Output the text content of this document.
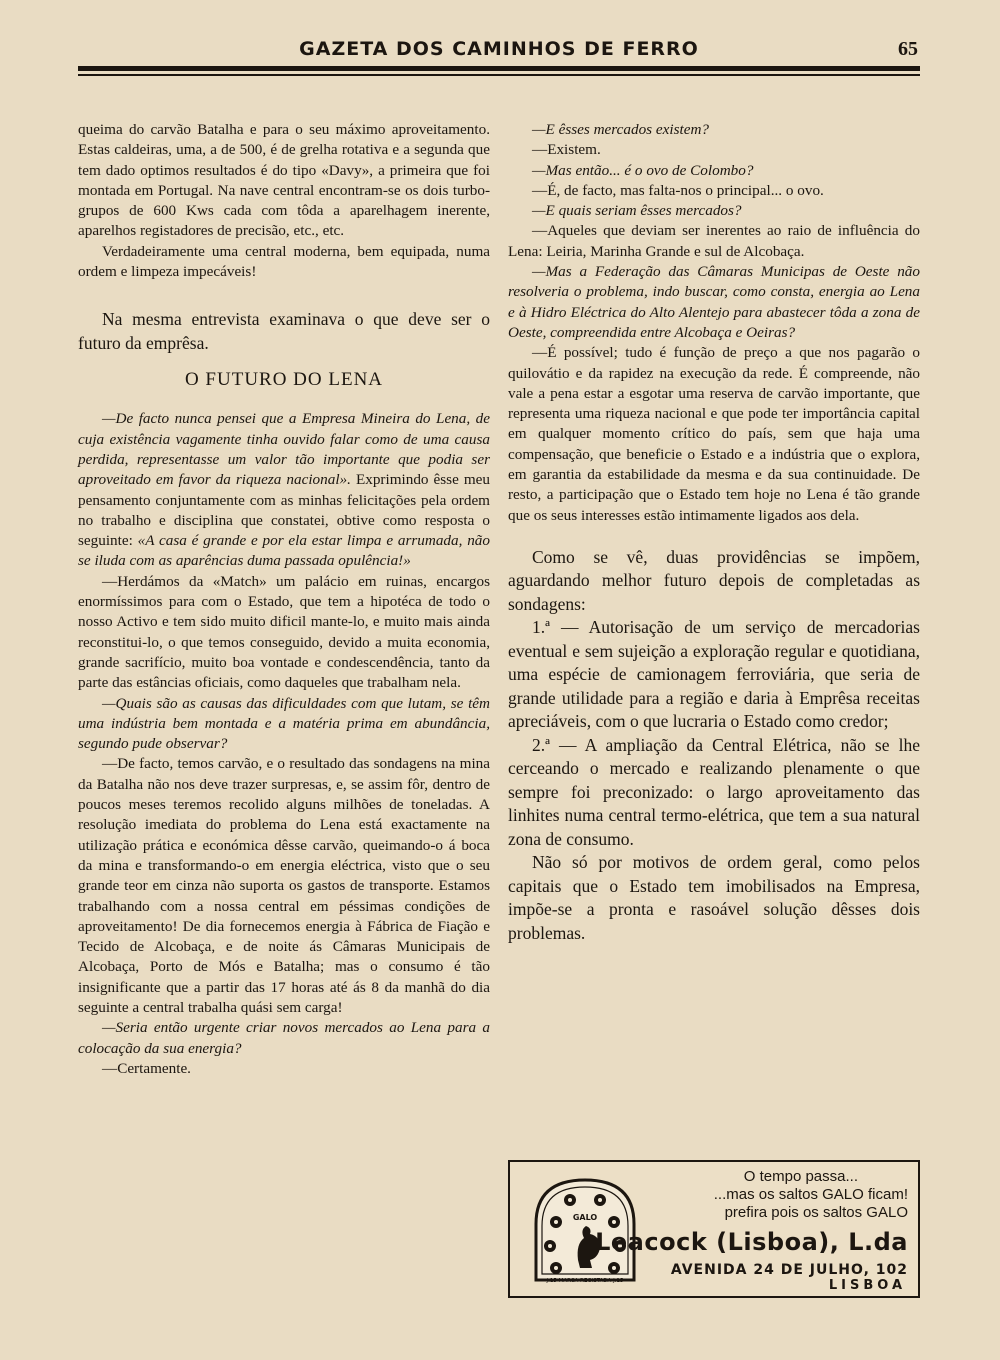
GAZETA DOS CAMINHOS DE FERRO	65

queima do carvão Batalha e para o seu máximo aproveitamento. Estas caldeiras, uma, a de 500, é de grelha rotativa e a segunda que tem dado optimos resultados é do tipo «Davy», a primeira que foi montada em Portugal. Na nave central encontram-se os dois turbo-grupos de 600 Kws cada com tôda a aparelhagem inerente, aparelhos registadores de precisão, etc., etc.

Verdadeiramente uma central moderna, bem equipada, numa ordem e limpeza impecáveis!

Na mesma entrevista examinava o que deve ser o futuro da emprêsa.

O FUTURO DO LENA

—De facto nunca pensei que a Empresa Mineira do Lena, de cuja existência vagamente tinha ouvido falar como de uma causa perdida, representasse um valor tão importante que podia ser aproveitado em favor da riqueza nacional». Exprimindo êsse meu pensamento conjuntamente com as minhas felicitações pela ordem no trabalho e disciplina que constatei, obtive como resposta o seguinte: «A casa é grande e por ela estar limpa e arrumada, não se iluda com as aparências duma passada opulência!»

—Herdámos da «Match» um palácio em ruinas, encargos enormíssimos para com o Estado, que tem a hipotéca de todo o nosso Activo e tem sido muito dificil mante-lo, e muito mais ainda reconstitui-lo, o que temos conseguido, devido a muita economia, grande sacrifício, muito boa vontade e condescendência, tanto da parte das estâncias oficiais, como daqueles que trabalham nela.

—Quais são as causas das dificuldades com que lutam, se têm uma indústria bem montada e a matéria prima em abundância, segundo pude observar?

—De facto, temos carvão, e o resultado das sondagens na mina da Batalha não nos deve trazer surpresas, e, se assim fôr, dentro de poucos meses teremos recolido alguns milhões de toneladas. A resolução imediata do problema do Lena está exactamente na utilização prática e económica dêsse carvão, queimando-o á boca da mina e transformando-o em energia eléctrica, visto que o seu grande teor em cinza não suporta os gastos de transporte. Estamos trabalhando com a nossa central em péssimas condições de aproveitamento! De dia fornecemos energia à Fábrica de Fiação e Tecido de Alcobaça, e de noite ás Câmaras Municipais de Alcobaça, Porto de Mós e Batalha; mas o consumo é tão insignificante que a partir das 17 horas até ás 8 da manhã do dia seguinte a central trabalha quási sem carga!

—Seria então urgente criar novos mercados ao Lena para a colocação da sua energia?

—Certamente.

—E êsses mercados existem?

—Existem.

—Mas então... é o ovo de Colombo?

—É, de facto, mas falta-nos o principal... o ovo.

—E quais seriam êsses mercados?

—Aqueles que deviam ser inerentes ao raio de influência do Lena: Leiria, Marinha Grande e sul de Alcobaça.

—Mas a Federação das Câmaras Municipas de Oeste não resolveria o problema, indo buscar, como consta, energia ao Lena e à Hidro Eléctrica do Alto Alentejo para abastecer tôda a zona de Oeste, compreendida entre Alcobaça e Oeiras?

—É possível; tudo é função de preço a que nos pagarão o quilovátio e da rapidez na execução da rede. É compreende, não vale a pena estar a esgotar uma reserva de carvão importante, que representa uma riqueza nacional e que pode ter importância capital em qualquer momento crítico do país, sem que haja uma compensação, que beneficie o Estado e a indústria que o explora, em garantia da estabilidade da mesma e da sua continuidade. De resto, a participação que o Estado tem hoje no Lena é tão grande que os seus interesses estão intimamente ligados aos dela.

Como se vê, duas providências se impõem, aguardando melhor futuro depois de completadas as sondagens:

1.ª — Autorisação de um serviço de mercadorias eventual e sem sujeição a exploração regular e quotidiana, uma espécie de camionagem ferroviária, que seria de grande utilidade para a região e daria à Emprêsa receitas apreciáveis, com o que lucraria o Estado como credor;

2.ª — A ampliação da Central Elétrica, não se lhe cerceando o mercado e realizando plenamente o que sempre foi preconizado: o largo aproveitamento das linhites numa central termo-elétrica, que tem a sua natural zona de consumo.

Não só por motivos de ordem geral, como pelos capitais que o Estado tem imobilisados na Empresa, impõe-se a pronta e rasoável solução dêsses dois problemas.

GALO
J.15 MARCA REGISTADA J.15
O tempo passa...
...mas os saltos GALO ficam!
prefira pois os saltos GALO
Leacock (Lisboa), L.da
AVENIDA 24 DE JULHO, 102
LISBOA
